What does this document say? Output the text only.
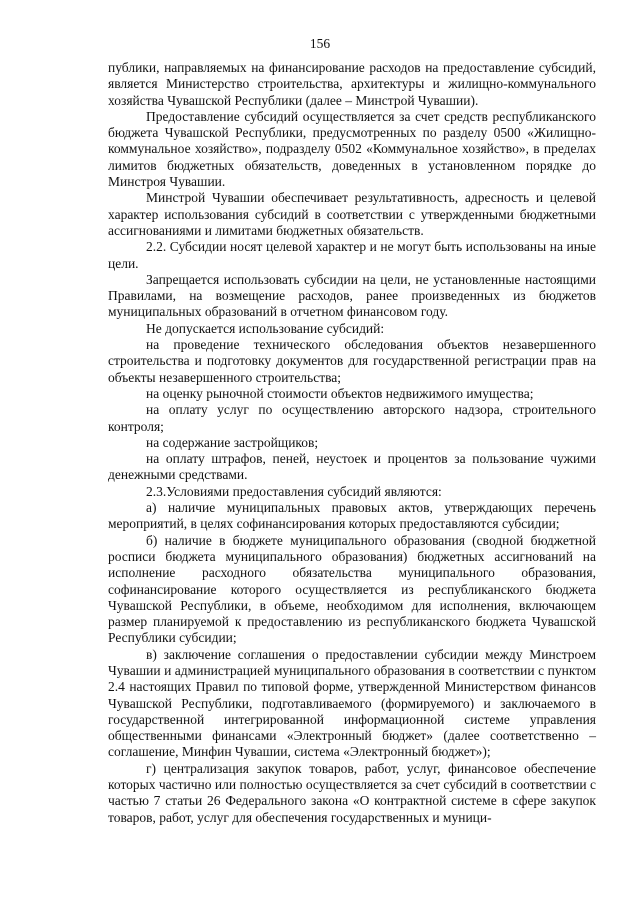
156

публики, направляемых на финансирование расходов на предоставление субсидий, является Министерство строительства, архитектуры и жилищно-коммунального хозяйства Чувашской Республики (далее – Минстрой Чувашии).

Предоставление субсидий осуществляется за счет средств республиканского бюджета Чувашской Республики, предусмотренных по разделу 0500 «Жилищно-коммунальное хозяйство», подразделу 0502 «Коммунальное хозяйство», в пределах лимитов бюджетных обязательств, доведенных в установленном порядке до Минстроя Чувашии.

Минстрой Чувашии обеспечивает результативность, адресность и целевой характер использования субсидий в соответствии с утвержденными бюджетными ассигнованиями и лимитами бюджетных обязательств.

2.2. Субсидии носят целевой характер и не могут быть использованы на иные цели.

Запрещается использовать субсидии на цели, не установленные настоящими Правилами, на возмещение расходов, ранее произведенных из бюджетов муниципальных образований в отчетном финансовом году.

Не допускается использование субсидий:

на проведение технического обследования объектов незавершенного строительства и подготовку документов для государственной регистрации прав на объекты незавершенного строительства;

на оценку рыночной стоимости объектов недвижимого имущества;

на оплату услуг по осуществлению авторского надзора, строительного контроля;

на содержание застройщиков;

на оплату штрафов, пеней, неустоек и процентов за пользование чужими денежными средствами.

2.3.Условиями предоставления субсидий являются:

а) наличие муниципальных правовых актов, утверждающих перечень мероприятий, в целях софинансирования которых предоставляются субсидии;

б) наличие в бюджете муниципального образования (сводной бюджетной росписи бюджета муниципального образования) бюджетных ассигнований на исполнение расходного обязательства муниципального образования, софинансирование которого осуществляется из республиканского бюджета Чувашской Республики, в объеме, необходимом для исполнения, включающем размер планируемой к предоставлению из республиканского бюджета Чувашской Республики субсидии;

в) заключение соглашения о предоставлении субсидии между Минстроем Чувашии и администрацией муниципального образования в соответствии с пунктом 2.4 настоящих Правил по типовой форме, утвержденной Министерством финансов Чувашской Республики, подготавливаемого (формируемого) и заключаемого в государственной интегрированной информационной системе управления общественными финансами «Электронный бюджет» (далее соответственно – соглашение, Минфин Чувашии, система «Электронный бюджет»);

г) централизация закупок товаров, работ, услуг, финансовое обеспечение которых частично или полностью осуществляется за счет субсидий в соответствии с частью 7 статьи 26 Федерального закона «О контрактной системе в сфере закупок товаров, работ, услуг для обеспечения государственных и муници-
